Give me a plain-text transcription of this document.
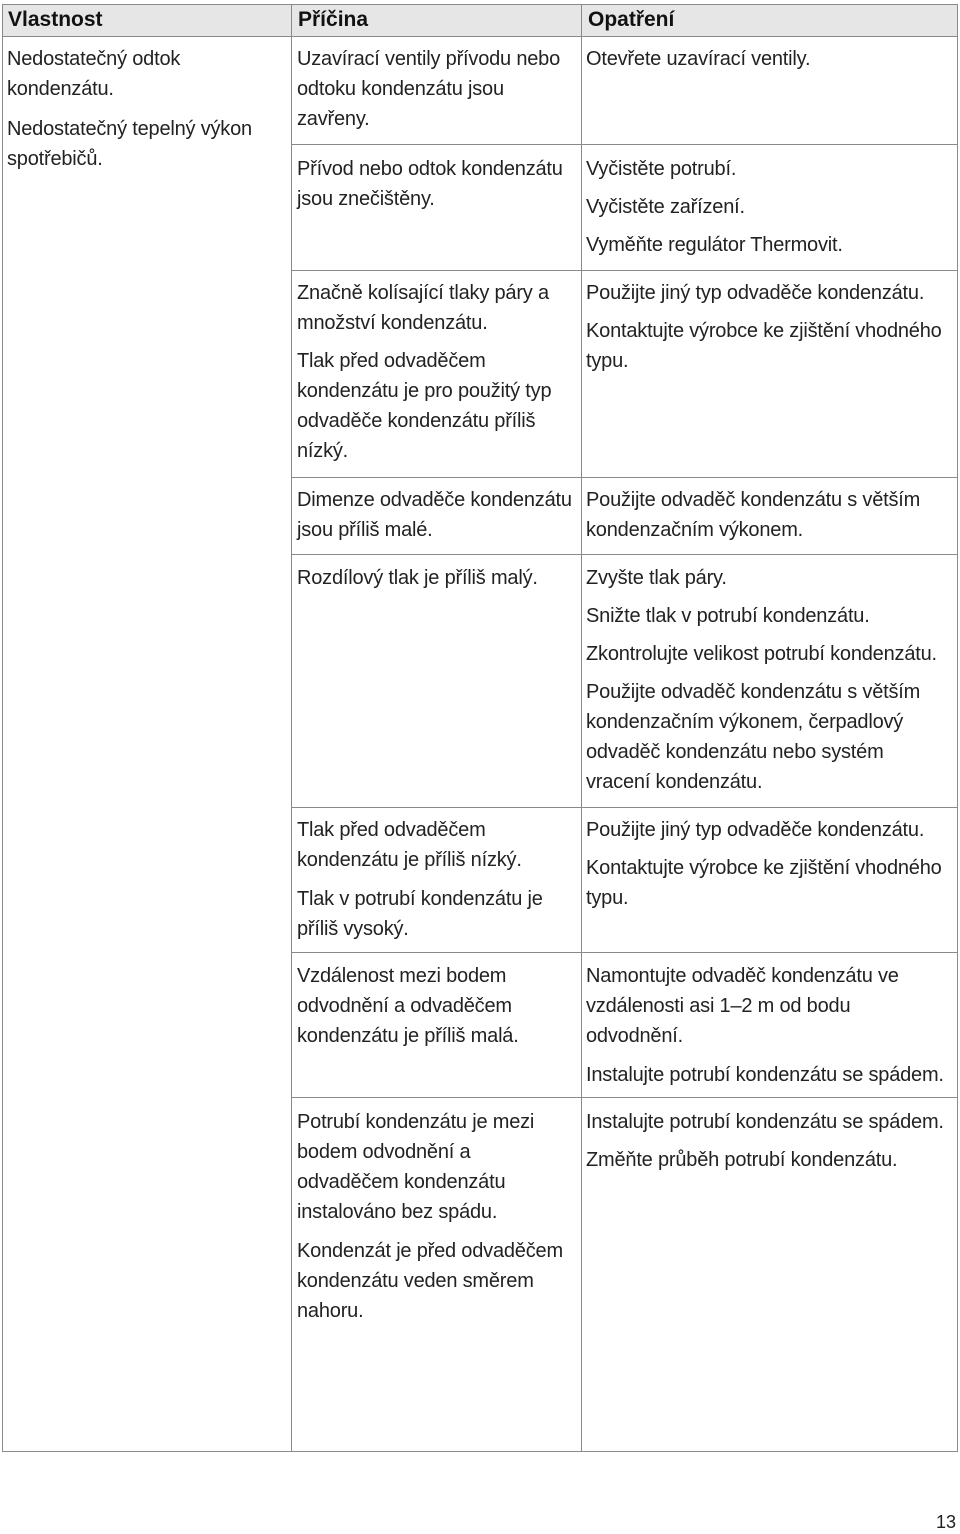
Vlastnost	Příčina	Opatření
Nedostatečný odtok
kondenzátu.
Nedostatečný tepelný výkon
spotřebičů.
Uzavírací ventily přívodu nebo
odtoku kondenzátu jsou
zavřeny.
Přívod nebo odtok kondenzátu
jsou znečištěny.
Značně kolísající tlaky páry a
množství kondenzátu.
Tlak před odvaděčem
kondenzátu je pro použitý typ
odvaděče kondenzátu příliš
nízký.
Dimenze odvaděče kondenzátu
jsou příliš malé.
Rozdílový tlak je příliš malý.
Tlak před odvaděčem
kondenzátu je příliš nízký.
Tlak v potrubí kondenzátu je
příliš vysoký.
Vzdálenost mezi bodem
odvodnění a odvaděčem
kondenzátu je příliš malá.
Potrubí kondenzátu je mezi
bodem odvodnění a
odvaděčem kondenzátu
instalováno bez spádu.
Kondenzát je před odvaděčem
kondenzátu veden směrem
nahoru.
Otevřete uzavírací ventily.
Vyčistěte potrubí.
Vyčistěte zařízení.
Vyměňte regulátor Thermovit.
Použijte jiný typ odvaděče kondenzátu.
Kontaktujte výrobce ke zjištění vhodného
typu.
Použijte odvaděč kondenzátu s větším
kondenzačním výkonem.
Zvyšte tlak páry.
Snižte tlak v potrubí kondenzátu.
Zkontrolujte velikost potrubí kondenzátu.
Použijte odvaděč kondenzátu s větším
kondenzačním výkonem, čerpadlový
odvaděč kondenzátu nebo systém
vracení kondenzátu.
Použijte jiný typ odvaděče kondenzátu.
Kontaktujte výrobce ke zjištění vhodného
typu.
Namontujte odvaděč kondenzátu ve
vzdálenosti asi 1–2 m od bodu
odvodnění.
Instalujte potrubí kondenzátu se spádem.
Instalujte potrubí kondenzátu se spádem.
Změňte průběh potrubí kondenzátu.
13
